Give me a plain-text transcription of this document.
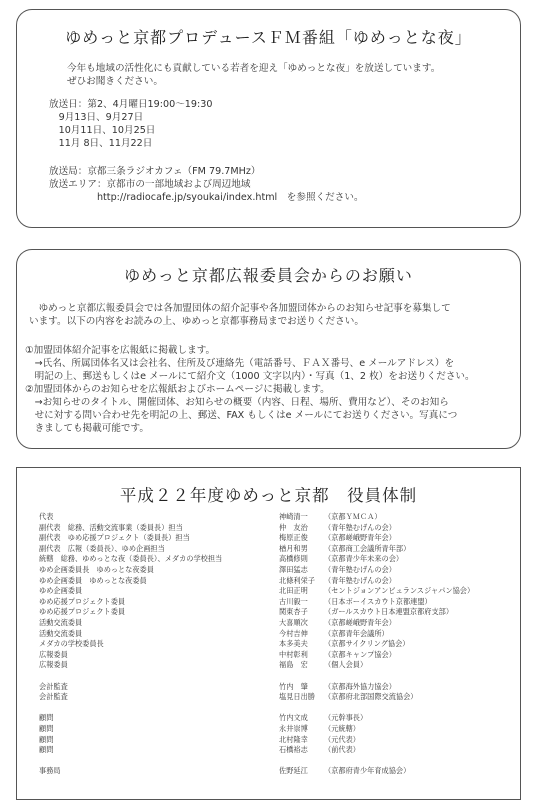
ゆめっと京都プロデュースＦＭ番組「ゆめっとな夜」
今年も地域の活性化にも貢献している若者を迎え「ゆめっとな夜」を放送しています。
ぜひお聞きください。
放送日：第2、4月曜日19:00〜19:30
　9月13日、9月27日
　10月11日、10月25日
　11月 8日、11月22日
放送局：京都三条ラジオカフェ（FM 79.7MHz）
放送エリア：京都市の一部地域および周辺地域
　　　　　http://radiocafe.jp/syoukai/index.html　を参照ください。
ゆめっと京都広報委員会からのお願い
　ゆめっと京都広報委員会では各加盟団体の紹介記事や各加盟団体からのお知らせ記事を募集して
います。以下の内容をお読みの上、ゆめっと京都事務局までお送りください。
①加盟団体紹介記事を広報紙に掲載します。
　→氏名、所属団体名又は会社名、住所及び連絡先（電話番号、ＦＡＸ番号、e メールアドレス）を
　明記の上、郵送もしくはe メールにて紹介文（1000 文字以内）・写真（1、2 枚）をお送りください。
②加盟団体からのお知らせを広報紙およびホームページに掲載します。
　→お知らせのタイトル、開催団体、お知らせの概要（内容、日程、場所、費用など）、そのお知ら
　せに対する問い合わせ先を明記の上、郵送、FAX もしくはe メールにてお送りください。写真につ
　きましても掲載可能です。
平成２２年度ゆめっと京都　役員体制
代表	神崎清一 （京都ＹＭＣＡ）
副代表　総務、活動交流事業（委員長）担当	仲　友治 （青年塾むげんの会）
副代表　ゆめ応援プロジェクト（委員長）担当	梅原正俊 （京都嵯峨野青年会）
副代表　広報（委員長）、ゆめ企画担当	楢月和男 （京都商工会議所青年部）
統轄　総務、ゆめっとな夜（委員長）、メダカの学校担当	高橋修則 （京都青少年未来の会）
ゆめ企画委員長　ゆめっとな夜委員	澤田猛志 （青年塾むげんの会）
ゆめ企画委員　ゆめっとな夜委員	北條利栄子 （青年塾むげんの会）
ゆめ企画委員	北田正明 （セントジョンアンビュランスジャパン協会）
ゆめ応援プロジェクト委員	古川毅一 （日本ボーイスカウト京都連盟）
ゆめ応援プロジェクト委員	関東杏子 （ガールスカウト日本連盟京都府支部）
活動交流委員	大喜順次 （京都嵯峨野青年会）
活動交流委員	今村吉伸 （京都青年会議所）
メダカの学校委員長	本多美夫 （京都サイクリング協会）
広報委員	中村彰利 （京都キャンプ協会）
広報委員	福島　宏 （個人会員）
会計監査	竹内　肇 （京都海外協力協会）
会計監査	塩見日出勝 （京都府北部国際交流協会）
顧問	竹内文成 （元幹事長）
顧問	永井崇博 （元統轄）
顧問	北村隆幸 （元代表）
顧問	石橋裕志 （前代表）
事務局	佐野延江 （京都府青少年育成協会）
